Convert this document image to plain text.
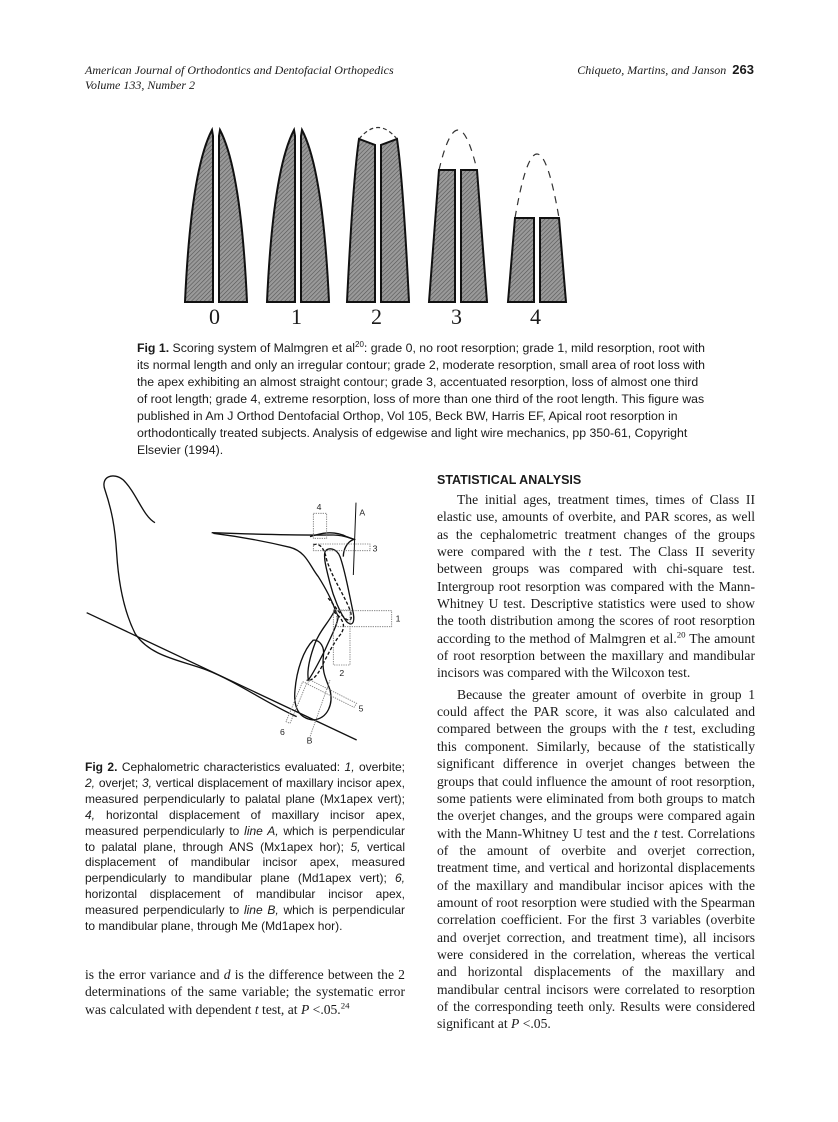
American Journal of Orthodontics and Dentofacial Orthopedics
Volume 133, Number 2
Chiqueto, Martins, and Janson 263
0	1	2	3	4
Fig 1. Scoring system of Malmgren et $al^{20}$: grade 0, no root resorption; grade 1, mild resorption, root with its normal length and only an irregular contour; grade 2, moderate resorption, small area of root loss with the apex exhibiting an almost straight contour; grade 3, accentuated resorption, loss of almost one third of root length; grade 4, extreme resorption, loss of more than one third of the root length. This figure was published in Am J Orthod Dentofacial Orthop, Vol 105, Beck BW, Harris EF, Apical root resorption in orthodontically treated subjects. Analysis of edgewise and light wire mechanics, pp 350-61, Copyright Elsevier (1994).
4
A
3
1
2
5
6
B
Fig 2. Cephalometric characteristics evaluated: 1, overbite; 2, overjet; 3, vertical displacement of maxillary incisor apex, measured perpendicularly to palatal plane (Mx1apex vert); 4, horizontal displacement of maxillary incisor apex, measured perpendicularly to line A, which is perpendicular to palatal plane, through ANS (Mx1apex hor); 5, vertical displacement of mandibular incisor apex, measured perpendicularly to mandibular plane (Md1apex vert); 6, horizontal displacement of mandibular incisor apex, measured perpendicularly to line B, which is perpendicular to mandibular plane, through Me (Md1apex hor).
is the error variance and d is the difference between the 2 determinations of the same variable; the systematic error was calculated with dependent t test, at P <.05.24
STATISTICAL ANALYSIS

The initial ages, treatment times, times of Class II elastic use, amounts of overbite, and PAR scores, as well as the cephalometric treatment changes of the groups were compared with the t test. The Class II severity between groups was compared with chi-square test. Intergroup root resorption was compared with the Mann-Whitney U test. Descriptive statistics were used to show the tooth distribution among the scores of root resorption according to the method of Malmgren et al.$^{20}$ The amount of root resorption between the maxillary and mandibular incisors was compared with the Wilcoxon test.

Because the greater amount of overbite in group 1 could affect the PAR score, it was also calculated and compared between the groups with the t test, excluding this component. Similarly, because of the statistically significant difference in overjet changes between the groups that could influence the amount of root resorption, some patients were eliminated from both groups to match the overjet changes, and the groups were compared again with the Mann-Whitney U test and the t test. Correlations of the amount of overbite and overjet correction, treatment time, and vertical and horizontal displacements of the maxillary and mandibular incisor apices with the amount of root resorption were studied with the Spearman correlation coefficient. For the first 3 variables (overbite and overjet correction, and treatment time), all incisors were considered in the correlation, whereas the vertical and horizontal displacements of the maxillary and mandibular central incisors were correlated to resorption of the corresponding teeth only. Results were considered significant at P <.05.
